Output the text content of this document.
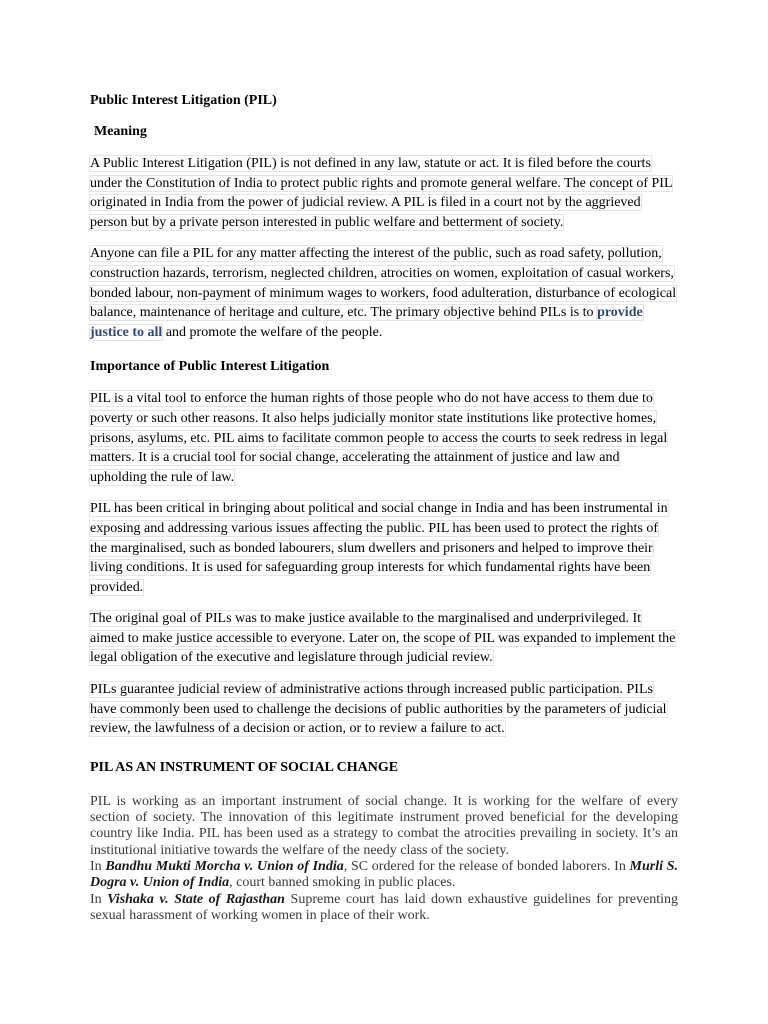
Public Interest Litigation (PIL)
Meaning

A Public Interest Litigation (PIL) is not defined in any law, statute or act. It is filed before the courts under the Constitution of India to protect public rights and promote general welfare. The concept of PIL originated in India from the power of judicial review. A PIL is filed in a court not by the aggrieved person but by a private person interested in public welfare and betterment of society.

Anyone can file a PIL for any matter affecting the interest of the public, such as road safety, pollution, construction hazards, terrorism, neglected children, atrocities on women, exploitation of casual workers, bonded labour, non-payment of minimum wages to workers, food adulteration, disturbance of ecological balance, maintenance of heritage and culture, etc. The primary objective behind PILs is to provide justice to all and promote the welfare of the people.

Importance of Public Interest Litigation

PIL is a vital tool to enforce the human rights of those people who do not have access to them due to poverty or such other reasons. It also helps judicially monitor state institutions like protective homes, prisons, asylums, etc. PIL aims to facilitate common people to access the courts to seek redress in legal matters. It is a crucial tool for social change, accelerating the attainment of justice and law and upholding the rule of law.

PIL has been critical in bringing about political and social change in India and has been instrumental in exposing and addressing various issues affecting the public. PIL has been used to protect the rights of the marginalised, such as bonded labourers, slum dwellers and prisoners and helped to improve their living conditions. It is used for safeguarding group interests for which fundamental rights have been provided.

The original goal of PILs was to make justice available to the marginalised and underprivileged. It aimed to make justice accessible to everyone. Later on, the scope of PIL was expanded to implement the legal obligation of the executive and legislature through judicial review.

PILs guarantee judicial review of administrative actions through increased public participation. PILs have commonly been used to challenge the decisions of public authorities by the parameters of judicial review, the lawfulness of a decision or action, or to review a failure to act.

PIL AS AN INSTRUMENT OF SOCIAL CHANGE

PIL is working as an important instrument of social change. It is working for the welfare of every section of society. The innovation of this legitimate instrument proved beneficial for the developing country like India. PIL has been used as a strategy to combat the atrocities prevailing in society. It’s an institutional initiative towards the welfare of the needy class of the society.

In Bandhu Mukti Morcha v. Union of India, SC ordered for the release of bonded laborers. In Murli S. Dogra v. Union of India, court banned smoking in public places.

In Vishaka v. State of Rajasthan Supreme court has laid down exhaustive guidelines for preventing sexual harassment of working women in place of their work.
